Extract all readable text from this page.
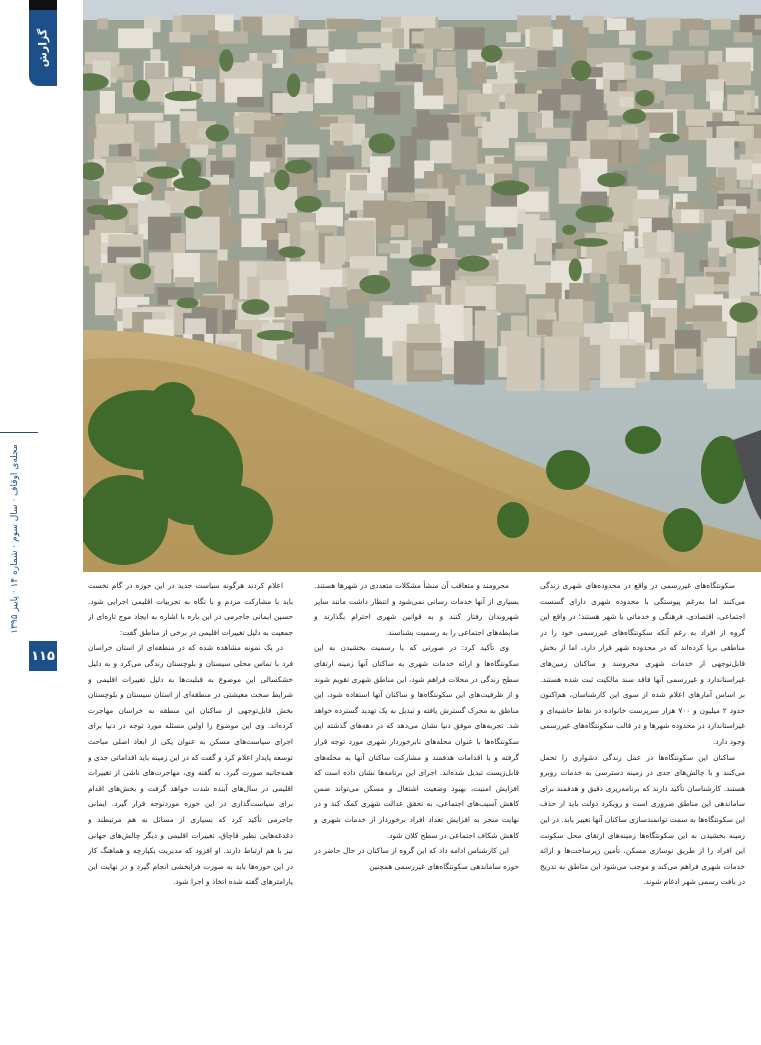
گزارش
مجله‌ی اوقاف · سال سوم · شماره ۱۴ · پاییز ۱۳۹۵
۱۱۵

سکونتگاه‌های غیررسمی در واقع در محدوده‌های شهری زندگی می‌کنند اما به‌رغم پیوستگی با محدوده شهری دارای گسست اجتماعی، اقتصادی، فرهنگی و خدماتی با شهر هستند؛ در واقع این گروه از افراد به رغم آنکه سکونتگاه‌های غیررسمی خود را در مناطقی برپا کرده‌اند که در محدوده شهر قرار دارد، اما از بخش قابل‌توجهی از خدمات شهری محرومند و ساکنان زمین‌های غیراستاندارد و غیررسمی آنها فاقد سند مالکیت ثبت شده هستند. بر اساس آمارهای اعلام شده از سوی این کارشناسان، هم‌اکنون حدود ۲ میلیون و ۷۰۰ هزار سرپرست خانواده در نقاط حاشیه‌ای و غیراستاندارد در محدوده شهرها و در قالب سکونتگاه‌های غیررسمی وجود دارد.

ساکنان این سکونتگاه‌ها در عمل زندگی دشواری را تحمل می‌کنند و با چالش‌های جدی در زمینه دسترسی به خدمات روبرو هستند. کارشناسان تأکید دارند که برنامه‌ریزی دقیق و هدفمند برای ساماندهی این مناطق ضروری است و رویکرد دولت باید از حذف این سکونتگاه‌ها به سمت توانمندسازی ساکنان آنها تغییر یابد. در این زمینه بخشیدن به این سکونتگاه‌ها زمینه‌های ارتقای محل سکونت این افراد را از طریق نوسازی مسکن، تأمین زیرساخت‌ها و ارائه خدمات شهری فراهم می‌کند و موجب می‌شود این مناطق به تدریج در بافت رسمی شهر ادغام شوند.

محرومند و متعاقب آن منشأ مشکلات متعددی در شهرها هستند. بسیاری از آنها خدمات رسانی نمی‌شود و انتظار داشت مانند سایر شهروندان رفتار کنند و به قوانین شهری احترام بگذارند و ضابطه‌های اجتماعی را به رسمیت بشناسند.

وی تأکید کرد: در صورتی که با رسمیت بخشیدن به این سکونتگاه‌ها و ارائه خدمات شهری به ساکنان آنها زمینه ارتقای سطح زندگی در محلات فراهم شود، این مناطق شهری تقویم شوند و از ظرفیت‌های این سکونتگاه‌ها و ساکنان آنها استفاده شود، این مناطق به محرک گسترش یافته و تبدیل به یک تهدید گسترده خواهد شد. تجربه‌های موفق دنیا نشان می‌دهد که در دهه‌های گذشته این سکونتگاه‌ها با عنوان محله‌های نابرخوردار شهری مورد توجه قرار گرفته و با اقدامات هدفمند و مشارکت ساکنان آنها به محله‌های قابل‌زیست تبدیل شده‌اند. اجرای این برنامه‌ها نشان داده است که افزایش امنیت، بهبود وضعیت اشتغال و مسکن می‌تواند ضمن کاهش آسیب‌های اجتماعی، به تحقق عدالت شهری کمک کند و در نهایت منجر به افزایش تعداد افراد برخوردار از خدمات شهری و کاهش شکاف اجتماعی در سطح کلان شود.

این کارشناس ادامه داد که این گروه از ساکنان در حال حاضر در حوزه ساماندهی سکونتگاه‌های غیررسمی همچنین

اعلام کردند هرگونه سیاست جدید در این حوزه در گام نخست باید با مشارکت مردم و با نگاه به تجربیات اقلیمی اجرایی شود. حسین ایمانی جاجرمی در این باره با اشاره به ایجاد موج تازه‌ای از جمعیت به دلیل تغییرات اقلیمی در برخی از مناطق گفت:

در یک نمونه مشاهده شده که در منطقه‌ای از استان خراسان فرد با تماس محلی سیستان و بلوچستان زندگی می‌کرد و به دلیل خشکسالی این موضوع به قبلیت‌ها به دلیل تغییرات اقلیمی و شرایط سخت معیشتی در منطقه‌ای از استان سیستان و بلوچستان بخش قابل‌توجهی از ساکنان این منطقه به خراسان مهاجرت کرده‌اند. وی این موضوع را اولین مسئله مورد توجه در دنیا برای اجرای سیاست‌های مسکن به عنوان یکی از ابعاد اصلی مباحث توسعه پایدار اعلام کرد و گفت که در این زمینه باید اقداماتی جدی و همه‌جانبه صورت گیرد. به گفته وی، مهاجرت‌های ناشی از تغییرات اقلیمی در سال‌های آینده شدت خواهد گرفت و بخش‌های اقدام برای سیاست‌گذاری در این حوزه موردتوجه قرار گیرد. ایمانی جاجرمی تأکید کرد که بسیاری از مسائل به هم مرتبطند و دغدغه‌هایی نظیر قاچاق، تغییرات اقلیمی و دیگر چالش‌های جهانی نیز با هم ارتباط دارند. او افزود که مدیریت یکپارچه و هماهنگ کار در این حوزه‌ها باید به صورت فرابخشی انجام گیرد و در نهایت این پارامترهای گفته شده اتخاذ و اجرا شود.
